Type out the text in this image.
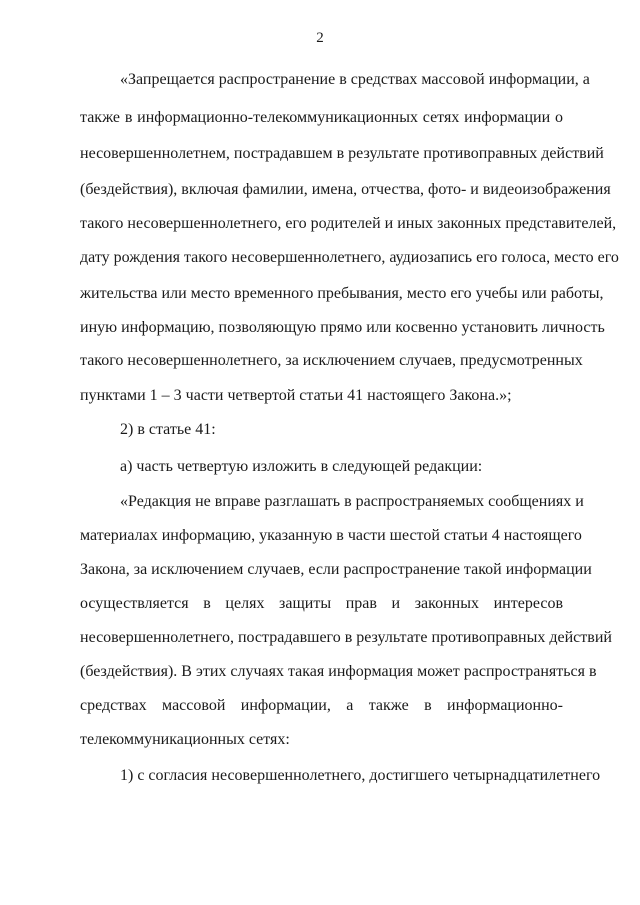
2
«Запрещается распространение в средствах массовой информации, а
также в информационно-телекоммуникационных сетях информации о
несовершеннолетнем, пострадавшем в результате противоправных действий
(бездействия), включая фамилии, имена, отчества, фото- и видеоизображения
такого несовершеннолетнего, его родителей и иных законных представителей,
дату рождения такого несовершеннолетнего, аудиозапись его голоса, место его
жительства или место временного пребывания, место его учебы или работы,
иную информацию, позволяющую прямо или косвенно установить личность
такого несовершеннолетнего, за исключением случаев, предусмотренных
пунктами 1 – 3 части четвертой статьи 41 настоящего Закона.»;
2) в статье 41:
а) часть четвертую изложить в следующей редакции:
«Редакция не вправе разглашать в распространяемых сообщениях и
материалах информацию, указанную в части шестой статьи 4 настоящего
Закона, за исключением случаев, если распространение такой информации
осуществляется в целях защиты прав и законных интересов
несовершеннолетнего, пострадавшего в результате противоправных действий
(бездействия). В этих случаях такая информация может распространяться в
средствах массовой информации, а также в информационно-
телекоммуникационных сетях:
1) с согласия несовершеннолетнего, достигшего четырнадцатилетнего
